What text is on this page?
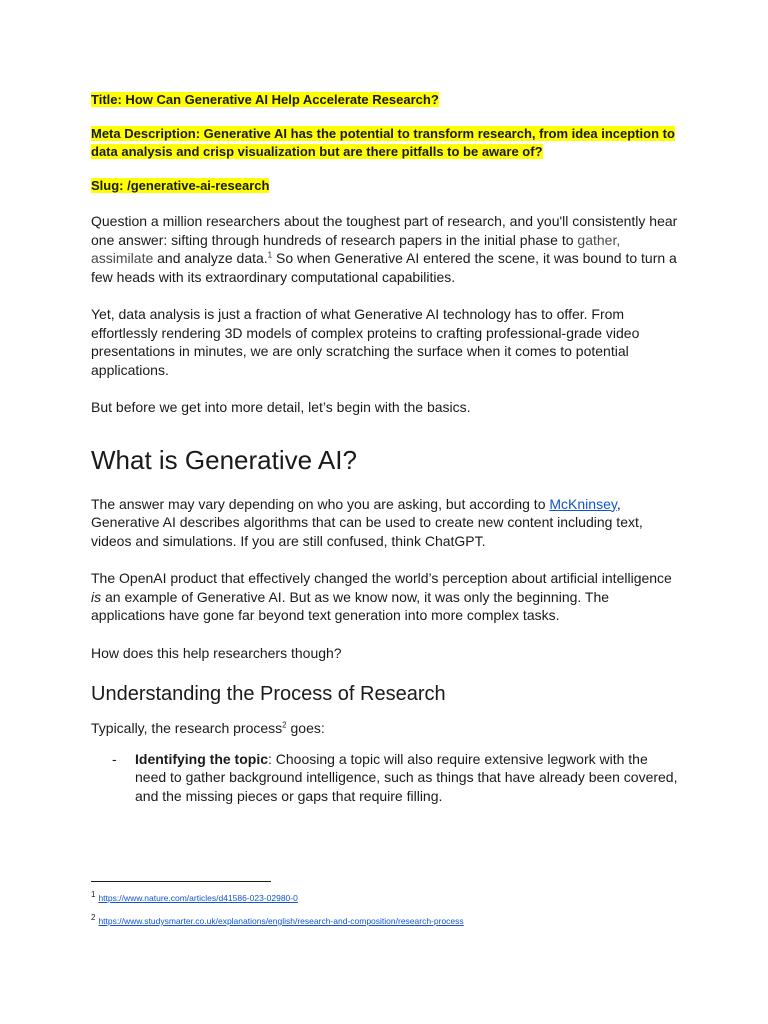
Title: How Can Generative AI Help Accelerate Research?

Meta Description: Generative AI has the potential to transform research, from idea inception to data analysis and crisp visualization but are there pitfalls to be aware of?

Slug: /generative-ai-research

Question a million researchers about the toughest part of research, and you'll consistently hear one answer: sifting through hundreds of research papers in the initial phase to gather, assimilate and analyze data.$^1$ So when Generative AI entered the scene, it was bound to turn a few heads with its extraordinary computational capabilities.

Yet, data analysis is just a fraction of what Generative AI technology has to offer. From effortlessly rendering 3D models of complex proteins to crafting professional-grade video presentations in minutes, we are only scratching the surface when it comes to potential applications.

But before we get into more detail, let’s begin with the basics.

What is Generative AI?

The answer may vary depending on who you are asking, but according to McKninsey, Generative AI describes algorithms that can be used to create new content including text, videos and simulations. If you are still confused, think ChatGPT.

The OpenAI product that effectively changed the world’s perception about artificial intelligence is an example of Generative AI. But as we know now, it was only the beginning. The applications have gone far beyond text generation into more complex tasks.

How does this help researchers though?

Understanding the Process of Research

Typically, the research process$^2$ goes:

- Identifying the topic: Choosing a topic will also require extensive legwork with the need to gather background intelligence, such as things that have already been covered, and the missing pieces or gaps that require filling.

$^1$ https://www.nature.com/articles/d41586-023-02980-0

$^2$ https://www.studysmarter.co.uk/explanations/english/research-and-composition/research-process
